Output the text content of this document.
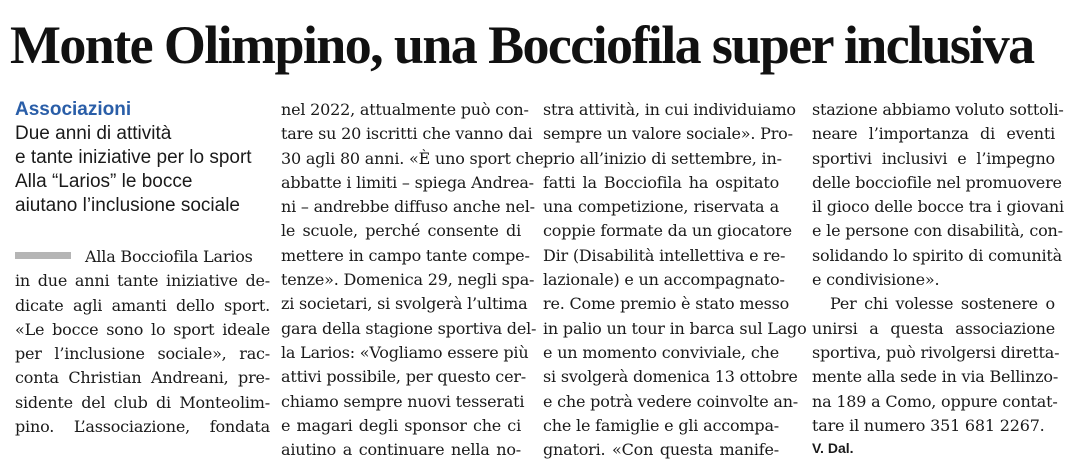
Monte Olimpino, una Bocciofila super inclusiva
Associazioni
Due anni di attività
e tante iniziative per lo sport
Alla “Larios” le bocce
aiutano l’inclusione sociale
Alla Bocciofila Larios
in due anni tante iniziative de-
dicate agli amanti dello sport.
«Le bocce sono lo sport ideale
per l’inclusione sociale», rac-
conta Christian Andreani, pre-
sidente del club di Monteolim-
pino. L’associazione, fondata
nel 2022, attualmente può con-
tare su 20 iscritti che vanno dai
30 agli 80 anni. «È uno sport che
abbatte i limiti – spiega Andrea-
ni – andrebbe diffuso anche nel-
le scuole, perché consente di
mettere in campo tante compe-
tenze». Domenica 29, negli spa-
zi societari, si svolgerà l’ultima
gara della stagione sportiva del-
la Larios: «Vogliamo essere più
attivi possibile, per questo cer-
chiamo sempre nuovi tesserati
e magari degli sponsor che ci
aiutino a continuare nella no-
stra attività, in cui individuiamo
sempre un valore sociale». Pro-
prio all’inizio di settembre, in-
fatti la Bocciofila ha ospitato
una competizione, riservata a
coppie formate da un giocatore
Dir (Disabilità intellettiva e re-
lazionale) e un accompagnato-
re. Come premio è stato messo
in palio un tour in barca sul Lago
e un momento conviviale, che
si svolgerà domenica 13 ottobre
e che potrà vedere coinvolte an-
che le famiglie e gli accompa-
gnatori. «Con questa manife-
stazione abbiamo voluto sottoli-
neare l’importanza di eventi
sportivi inclusivi e l’impegno
delle bocciofile nel promuovere
il gioco delle bocce tra i giovani
e le persone con disabilità, con-
solidando lo spirito di comunità
e condivisione».
Per chi volesse sostenere o
unirsi a questa associazione
sportiva, può rivolgersi diretta-
mente alla sede in via Bellinzo-
na 189 a Como, oppure contat-
tare il numero 351 681 2267.
V. Dal.
